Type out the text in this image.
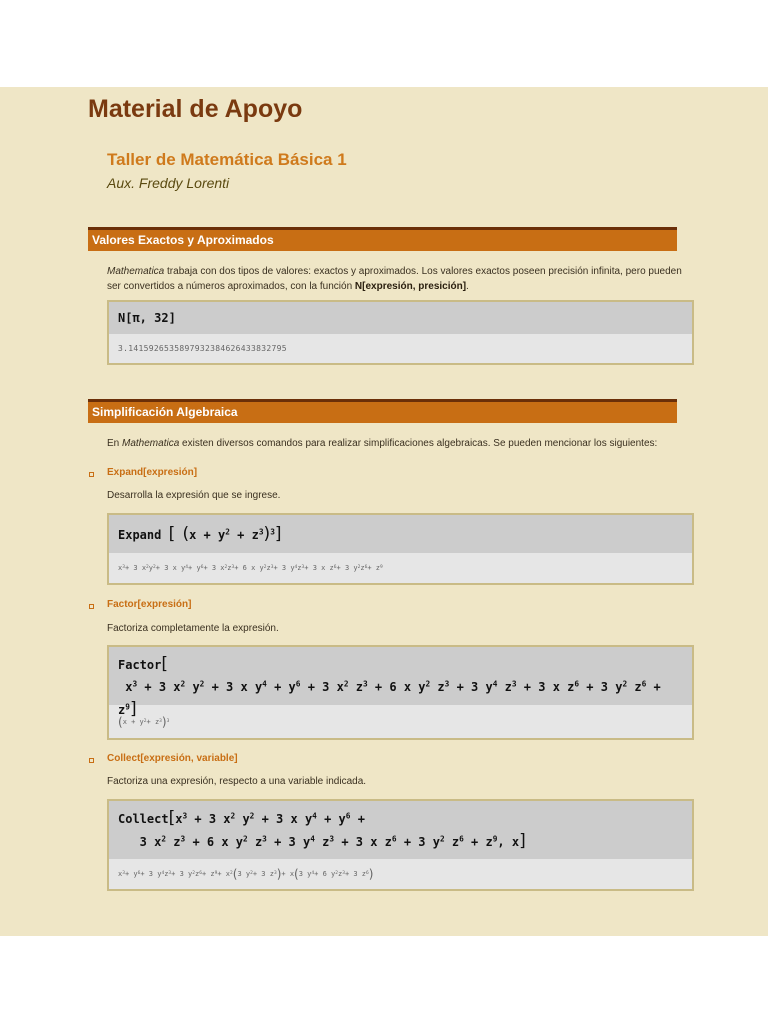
Material de Apoyo
Taller de Matemática Básica 1

Aux. Freddy Lorenti

Valores Exactos y Aproximados

Mathematica trabaja con dos tipos de valores: exactos y aproximados. Los valores exactos poseen precisión infinita, pero pueden ser convertidos a números aproximados, con la función N[expresión, presición].

N[π, 32]
3.1415926535897932384626433832795
Simplificación Algebraica

En Mathematica existen diversos comandos para realizar simplificaciones algebraicas. Se pueden mencionar los siguientes:

Expand[expresión]

Desarrolla la expresión que se ingrese.

Expand [ $(x + y^2 + z^3)^3$]
x 3 + 3 x 2 y 2 + 3 x y 4 + y 6 + 3 x 2 z 3 + 6 x y 2 z 3 + 3 y 4 z 3 + 3 x z 6 + 3 y 2 z 6 + z 9

Factor[expresión]

Factoriza completamente la expresión.

Factor[
$x^3 + 3$ $x^2$ $y^2 + 3$ x $y^4 + y^6 + 3$ $x^2$ $z^3 + 6$ x $y^2$ $z^3 + 3$ $y^4$ $z^3 + 3$ x $z^6 + 3$ $y^2$ $z^6 + z^9$]
( x + y 2 + z 3 ) 3

Collect[expresión, variable]

Factoriza una expresión, respecto a una variable indicada.

$Collect[x^3 + 3$ $x^2$ $y^2 + 3$ x $y^4 + y^6$ +
3 $x^2$ $z^3 + 6$ x $y^2$ $z^3 + 3$ $y^4$ $z^3 + 3$ x $z^6 + 3$ $y^2$ $z^6 + z^9$, x]
x 3 + y 6 + 3 y 4 z 3 + 3 y 2 z 6 + z 9 + x 2 ( 3 y 2 + 3 z 3 ) + x ( 3 y 4 + 6 y 2 z 3 + 3 z 6 )
